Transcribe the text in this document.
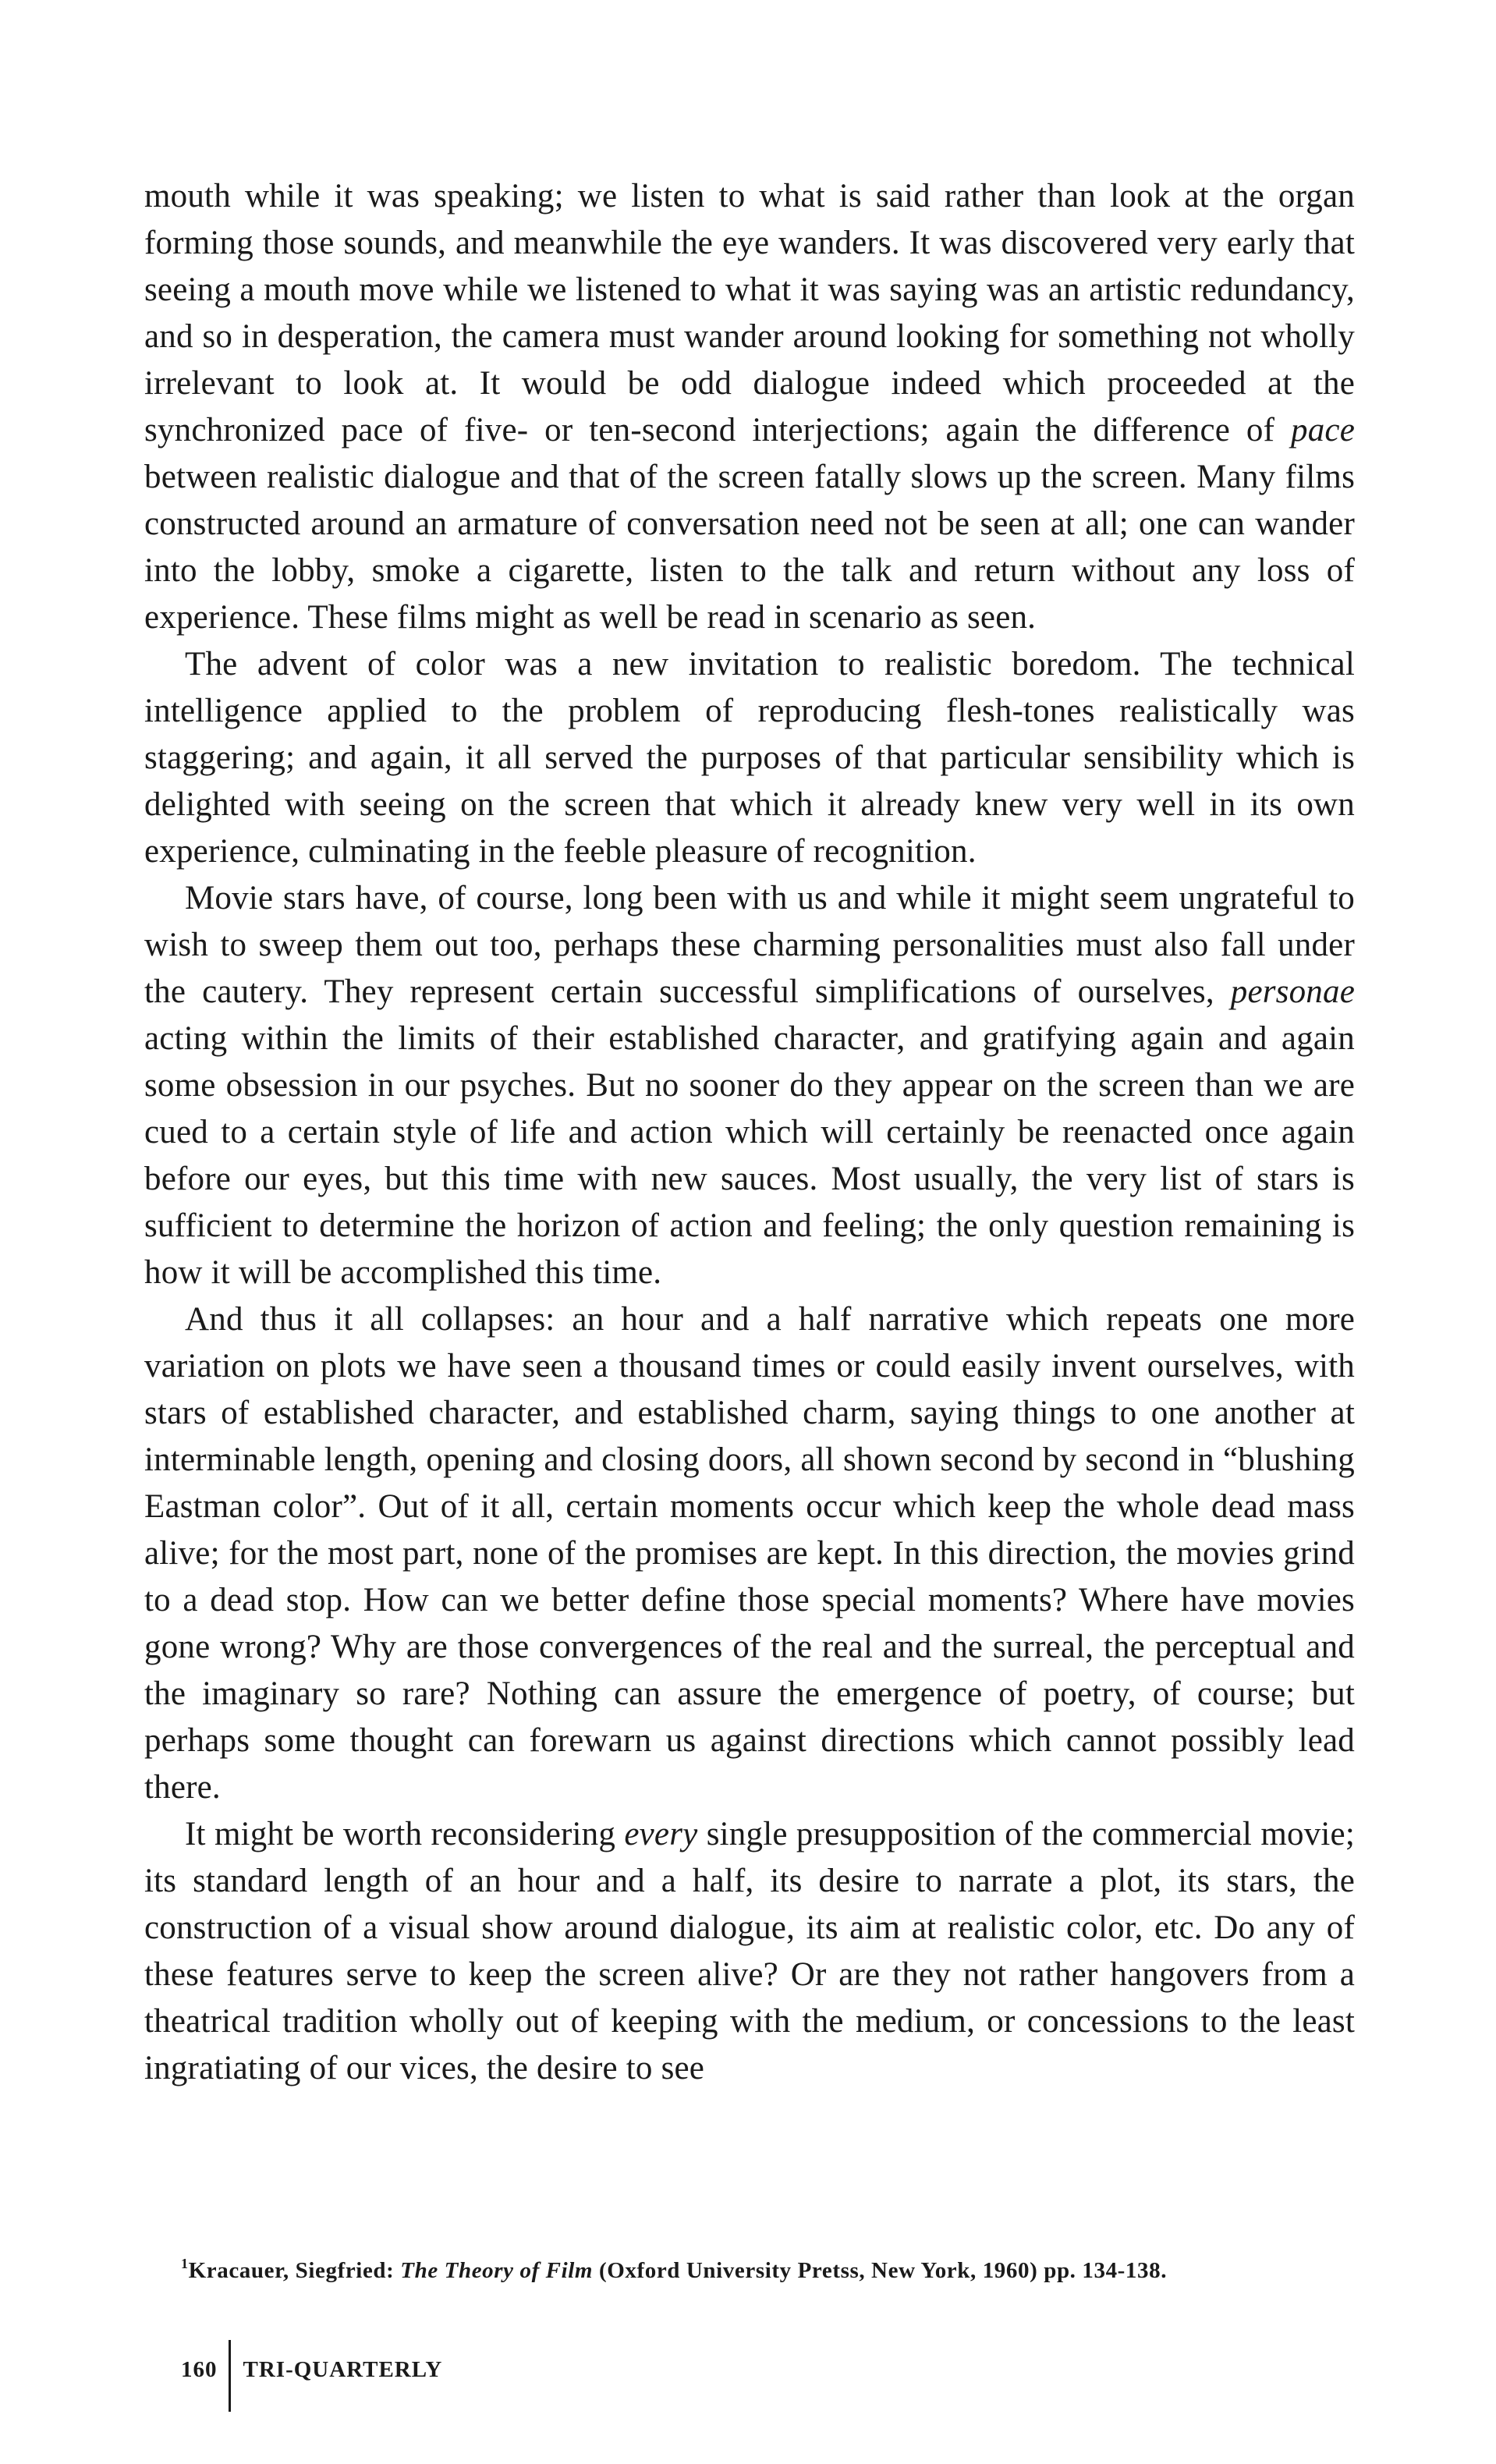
mouth while it was speaking; we listen to what is said rather than look at the organ forming those sounds, and meanwhile the eye wanders. It was discovered very early that seeing a mouth move while we listened to what it was saying was an artistic redundancy, and so in desperation, the camera must wander around looking for something not wholly irrelevant to look at. It would be odd dialogue indeed which proceeded at the synchronized pace of five- or ten-second interjections; again the difference of pace between realistic dialogue and that of the screen fatally slows up the screen. Many films constructed around an armature of conversation need not be seen at all; one can wander into the lobby, smoke a cigarette, listen to the talk and return without any loss of experience. These films might as well be read in scenario as seen.

The advent of color was a new invitation to realistic boredom. The technical intelligence applied to the problem of reproducing flesh-tones realistically was staggering; and again, it all served the purposes of that particular sensibility which is delighted with seeing on the screen that which it already knew very well in its own experience, culminating in the feeble pleasure of recognition.

Movie stars have, of course, long been with us and while it might seem ungrateful to wish to sweep them out too, perhaps these charming personalities must also fall under the cautery. They represent certain successful simplifications of ourselves, personae acting within the limits of their established character, and gratifying again and again some obsession in our psyches. But no sooner do they appear on the screen than we are cued to a certain style of life and action which will certainly be reenacted once again before our eyes, but this time with new sauces. Most usually, the very list of stars is sufficient to determine the horizon of action and feeling; the only question remaining is how it will be accomplished this time.

And thus it all collapses: an hour and a half narrative which repeats one more variation on plots we have seen a thousand times or could easily invent ourselves, with stars of established character, and established charm, saying things to one another at interminable length, opening and closing doors, all shown second by second in “blushing Eastman color”. Out of it all, certain moments occur which keep the whole dead mass alive; for the most part, none of the promises are kept. In this direction, the movies grind to a dead stop. How can we better define those special moments? Where have movies gone wrong? Why are those convergences of the real and the surreal, the perceptual and the imaginary so rare? Nothing can assure the emergence of poetry, of course; but perhaps some thought can forewarn us against directions which cannot possibly lead there.

It might be worth reconsidering every single presupposition of the commercial movie; its standard length of an hour and a half, its desire to narrate a plot, its stars, the construction of a visual show around dialogue, its aim at realistic color, etc. Do any of these features serve to keep the screen alive? Or are they not rather hangovers from a theatrical tradition wholly out of keeping with the medium, or concessions to the least ingratiating of our vices, the desire to see

$^1$Kracauer, Siegfried: The Theory of Film (Oxford University Pretss, New York, 1960) pp. 134-138.
160	TRI-QUARTERLY
